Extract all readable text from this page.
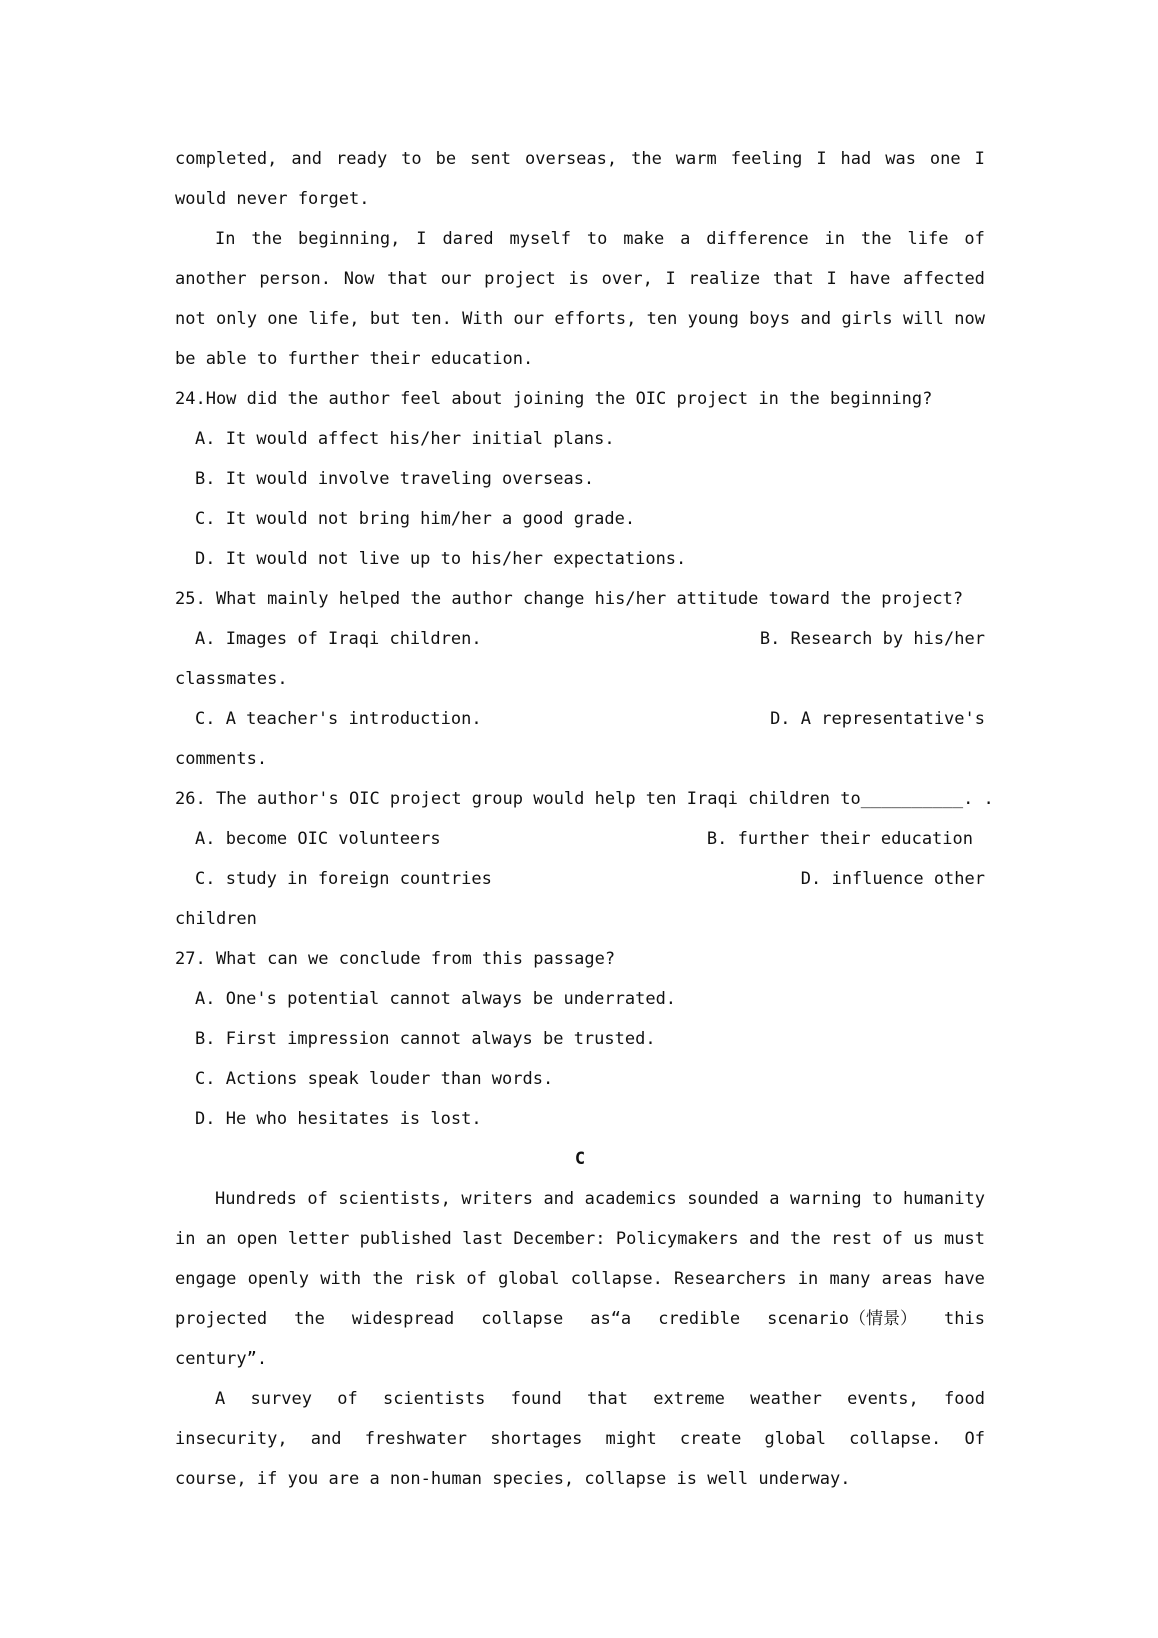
completed, and ready to be sent overseas, the warm feeling I had was one I
would never forget.
In the beginning, I dared myself to make a difference in the life of
another person. Now that our project is over, I realize that I have affected
not only one life, but ten. With our efforts, ten young boys and girls will now
be able to further their education.
24.How did the author feel about joining the OIC project in the beginning?
A. It would affect his/her initial plans.
B. It would involve traveling overseas.
C. It would not bring him/her a good grade.
D. It would not live up to his/her expectations.
25. What mainly helped the author change his/her attitude toward the project?
A. Images of Iraqi children.	B. Research by his/her
classmates.
C. A teacher's introduction.	D. A representative's
comments.
26. The author's OIC project group would help ten Iraqi children to__________. .
A. become OIC volunteers	B. further their education
C. study in foreign countries	D. influence other
children
27. What can we conclude from this passage?
A. One's potential cannot always be underrated.
B. First impression cannot always be trusted.
C. Actions speak louder than words.
D. He who hesitates is lost.
C
Hundreds of scientists, writers and academics sounded a warning to humanity
in an open letter published last December: Policymakers and the rest of us must
engage openly with the risk of global collapse. Researchers in many areas have
projected the widespread collapse as“a credible scenario（情景） this
century”.
A survey of scientists found that extreme weather events, food
insecurity, and freshwater shortages might create global collapse. Of
course, if you are a non-human species, collapse is well underway.
